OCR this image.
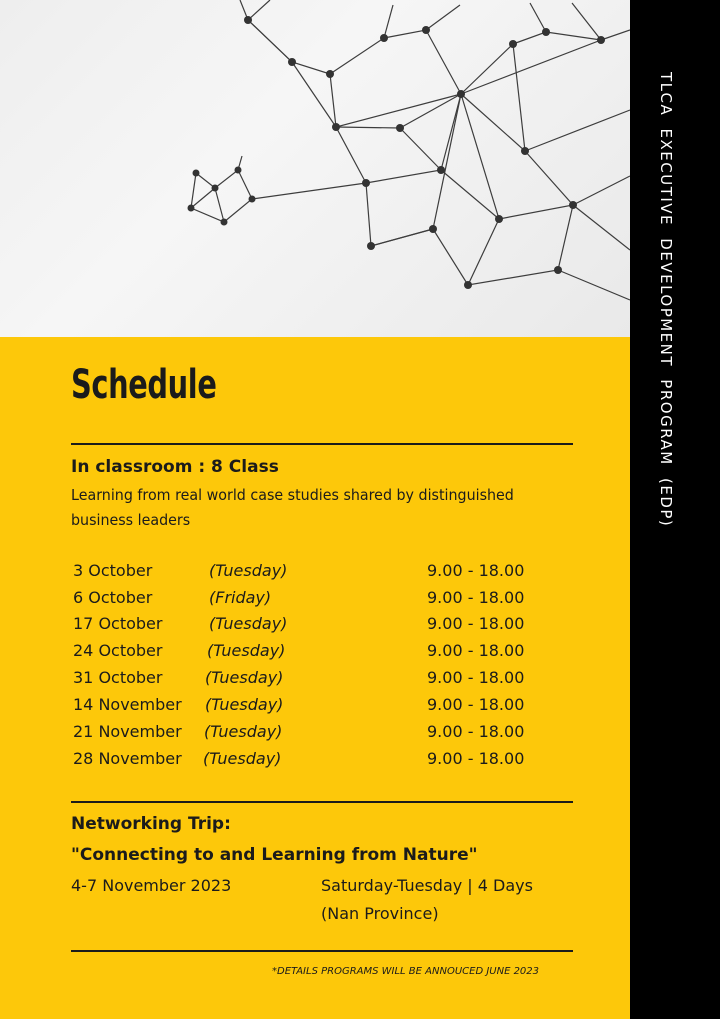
TLCA EXECUTIVE DEVELOPMENT PROGRAM (EDP)
Schedule
In classroom : 8 Class
Learning from real world case studies shared by distinguished business leaders
3 October	(Tuesday)	9.00 - 18.00
6 October	(Friday)	9.00 - 18.00
17 October	(Tuesday)	9.00 - 18.00
24 October	(Tuesday)	9.00 - 18.00
31 October	(Tuesday)	9.00 - 18.00
14 November (Tuesday)	9.00 - 18.00
21 November (Tuesday)	9.00 - 18.00
28 November (Tuesday)	9.00 - 18.00
Networking Trip:
"Connecting to and Learning from Nature"
4-7 November 2023	Saturday-Tuesday | 4 Days
(Nan Province)
*DETAILS PROGRAMS WILL BE ANNOUCED JUNE 2023
